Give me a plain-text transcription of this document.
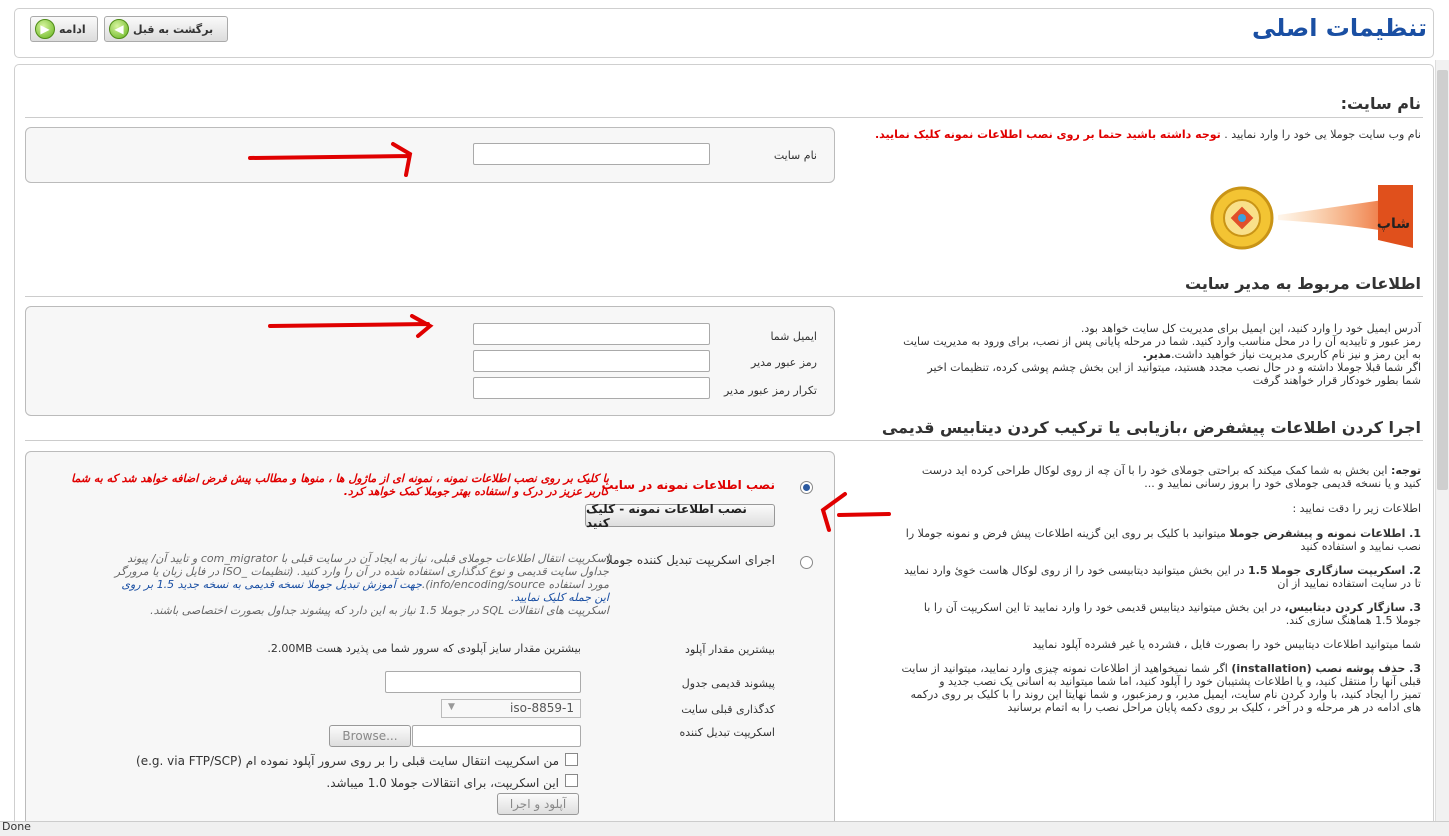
تنظیمات اصلی
◀ برگشت به قبل
▶ ادامه
نام سایت:
نام وب سایت جوملا یی خود را وارد نمایید . توجه داشته باشید حتما بر روی نصب اطلاعات نمونه کلیک نمایید.
نام سایت
شاپ
اطلاعات مربوط به مدیر سایت
آدرس ایمیل خود را وارد کنید، این ایمیل برای مدیریت کل سایت خواهد بود.
رمز عبور و تاییدیه آن را در محل مناسب وارد کنید. شما در مرحله پایانی پس از نصب، برای ورود به مدیریت سایت
به این رمز و نیز نام کاربری مدیریت نیاز خواهید داشت.مدیر.
اگر شما قبلا جوملا داشته و در حال نصب مجدد هستید، میتوانید از این بخش چشم پوشی کرده، تنظیمات اخیر
شما بطور خودکار قرار خواهند گرفت
ایمیل شما
رمز عبور مدیر
تکرار رمز عبور مدیر
اجرا کردن اطلاعات پیشفرض ،بازیابی یا ترکیب کردن دیتابیس قدیمی
توجه: این بخش به شما کمک میکند که براحتی جوملای خود را با آن چه از روی لوکال طراحی کرده اید درست
کنید و یا نسخه قدیمی جوملای خود را بروز رسانی نمایید و ...
اطلاعات زیر را دقت نمایید :
1. اطلاعات نمونه و پیشفرض جوملا میتوانید با کلیک بر روی این گزینه اطلاعات پیش فرض و نمونه جوملا را
نصب نمایید و استفاده کنید
2. اسکریپت سازگاری جوملا 1.5 در این بخش میتوانید دیتابیسی خود را از روی لوکال هاست خوِئ وارد نمایید
تا در سایت استفاده نمایید از ان
3. سازگار کردن دیتابیس، در این بخش میتوانید دیتابیس قدیمی خود را وارد نمایید تا این اسکریپت آن را با
جوملا 1.5 هماهنگ سازی کند.
شما میتوانید اطلاعات دیتابیس خود را بصورت فایل ، فشرده یا غیر فشرده آپلود نمایید
3. حذف پوشه نصب (installation) اگر شما نمیخواهید از اطلاعات نمونه چیزی وارد نمایید، میتوانید از سایت
قبلی آنها را منتقل کنید، و یا اطلاعات پشتیبان خود را آپلود کنید، اما شما میتوانید به اسانی یک نصب جدید و
تمیز را ایجاد کنید، با وارد کردن نام سایت، ایمیل مدیر، و رمزعبور، و شما نهایتا این روند را با کلیک بر روی درکمه
های ادامه در هر مرحله و در آخر ، کلیک بر روی دکمه پایان مراحل نصب را به اتمام برسانید
نصب اطلاعات نمونه در سایت
با کلیک بر روی نصب اطلاعات نمونه ، نمونه ای از ماژول ها ، منوها و مطالب پیش فرض اضافه خواهد شد که به شما کاربر عزیز در درک و استفاده بهتر جوملا کمک خواهد کرد.
نصب اطلاعات نمونه - کلیک کنید
اجرای اسکریپت تبدیل کننده جوملا
اسکریپت انتقال اطلاعات جوملای قبلی، نیاز به ایجاد آن در سایت قبلی با com_migrator و تایید آن/ پیوند
جداول سایت قدیمی و نوع کدگذاری استفاده شده در آن را وارد کنید. (تنظیمات _ISO در فایل زبان یا مرورگر
مورد استفاده info/encoding/source).جهت آموزش تبدیل جوملا نسخه قدیمی به نسخه جدید 1.5 بر روی
این جمله کلیک نمایید.
اسکریپت های انتقالات SQL در جوملا 1.5 نیاز به این دارد که پیشوند جداول بصورت اختصاصی باشند.
بیشترین مقدار آپلود
بیشترین مقدار سایز آپلودی که سرور شما می پذیرد هست 2.00MB.
پیشوند قدیمی جدول
کدگذاری قبلی سایت
▼	iso-8859-1
اسکریپت تبدیل کننده
Browse...
من اسکریپت انتقال سایت قبلی را بر روی سرور آپلود نموده ام (e.g. via FTP/SCP)
این اسکریپت، برای انتقالات جوملا 1.0 میباشد.
آپلود و اجرا
Done
